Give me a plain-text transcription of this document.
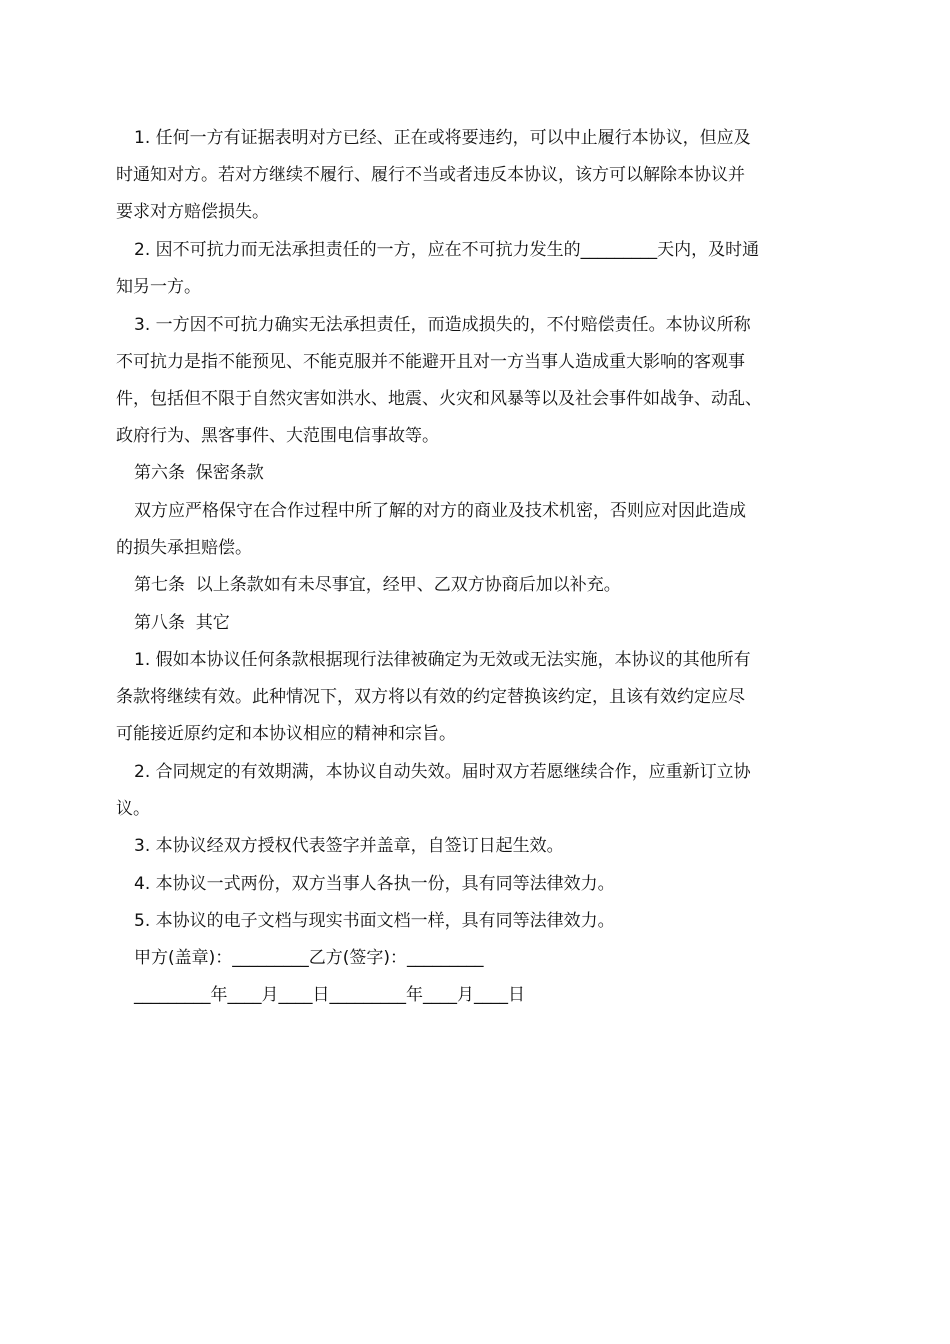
1. 任何一方有证据表明对方已经、正在或将要违约，可以中止履行本协议，但应及
时通知对方。若对方继续不履行、履行不当或者违反本协议，该方可以解除本协议并
要求对方赔偿损失。
2. 因不可抗力而无法承担责任的一方，应在不可抗力发生的_________天内，及时通
知另一方。
3. 一方因不可抗力确实无法承担责任，而造成损失的，不付赔偿责任。本协议所称
不可抗力是指不能预见、不能克服并不能避开且对一方当事人造成重大影响的客观事
件，包括但不限于自然灾害如洪水、地震、火灾和风暴等以及社会事件如战争、动乱、
政府行为、黑客事件、大范围电信事故等。
第六条  保密条款
双方应严格保守在合作过程中所了解的对方的商业及技术机密，否则应对因此造成
的损失承担赔偿。
第七条  以上条款如有未尽事宜，经甲、乙双方协商后加以补充。
第八条  其它
1. 假如本协议任何条款根据现行法律被确定为无效或无法实施，本协议的其他所有
条款将继续有效。此种情况下，双方将以有效的约定替换该约定，且该有效约定应尽
可能接近原约定和本协议相应的精神和宗旨。
2. 合同规定的有效期满，本协议自动失效。届时双方若愿继续合作，应重新订立协
议。
3. 本协议经双方授权代表签字并盖章，自签订日起生效。
4. 本协议一式两份，双方当事人各执一份，具有同等法律效力。
5. 本协议的电子文档与现实书面文档一样，具有同等法律效力。
甲方(盖章)：_________乙方(签字)：_________
_________年____月____日_________年____月____日
